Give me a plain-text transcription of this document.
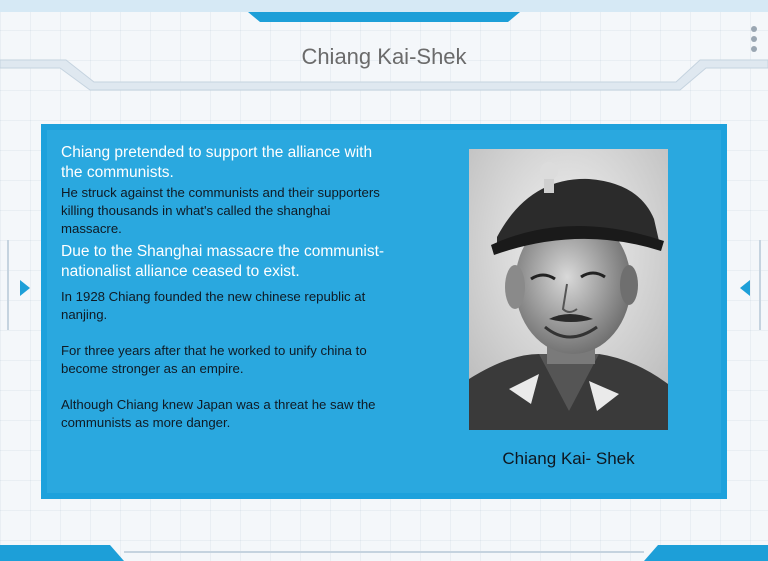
Chiang Kai-Shek

Chiang pretended to support the alliance with the communists.

He struck against the communists and their supporters killing thousands in what's called the shanghai massacre.

Due to the Shanghai massacre the communist-nationalist alliance ceased to exist.

In 1928 Chiang founded the new chinese republic at nanjing.

For three years after that he worked to unify china to become stronger as an empire.

Although Chiang knew Japan was a threat he saw the communists as more danger.

Chiang Kai- Shek
